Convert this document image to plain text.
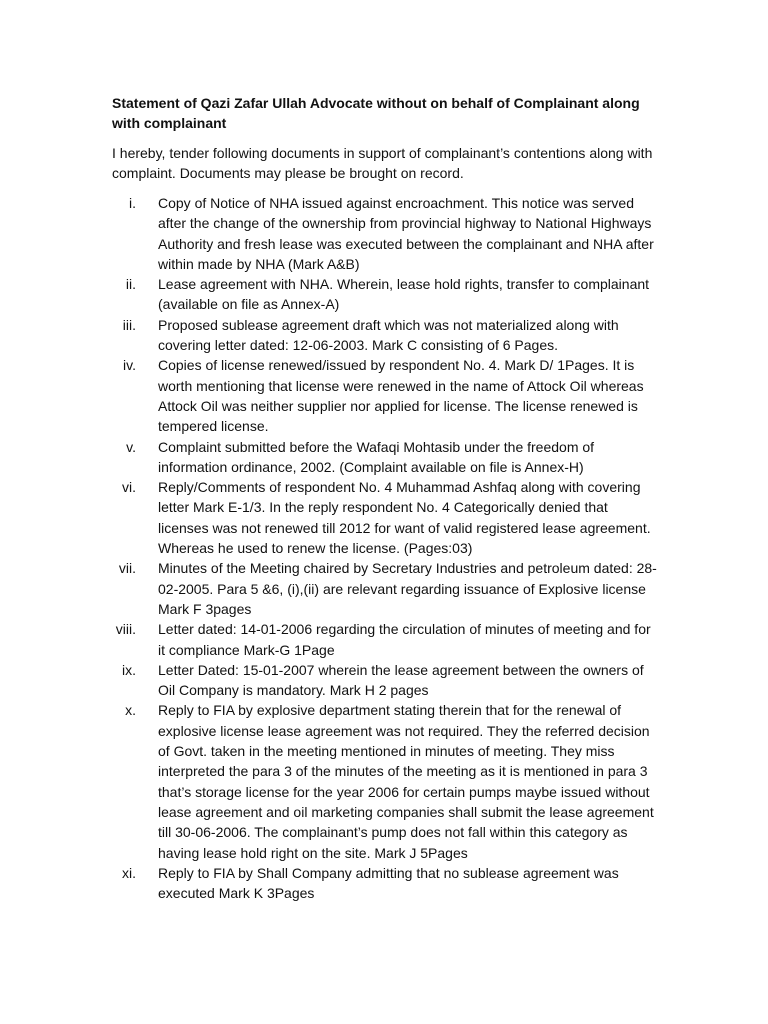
Statement of Qazi Zafar Ullah Advocate without on behalf of Complainant along with complainant
I hereby, tender following documents in support of complainant’s contentions along with complaint. Documents may please be brought on record.
i. Copy of Notice of NHA issued against encroachment. This notice was served after the change of the ownership from provincial highway to National Highways Authority and fresh lease was executed between the complainant and NHA after within made by NHA (Mark A&B)
ii. Lease agreement with NHA. Wherein, lease hold rights, transfer to complainant (available on file as Annex-A)
iii. Proposed sublease agreement draft which was not materialized along with covering letter dated: 12-06-2003. Mark C consisting of 6 Pages.
iv. Copies of license renewed/issued by respondent No. 4. Mark D/ 1Pages. It is worth mentioning that license were renewed in the name of Attock Oil whereas Attock Oil was neither supplier nor applied for license. The license renewed is tempered license.
v. Complaint submitted before the Wafaqi Mohtasib under the freedom of information ordinance, 2002. (Complaint available on file is Annex-H)
vi. Reply/Comments of respondent No. 4 Muhammad Ashfaq along with covering letter Mark E-1/3. In the reply respondent No. 4 Categorically denied that licenses was not renewed till 2012 for want of valid registered lease agreement. Whereas he used to renew the license. (Pages:03)
vii. Minutes of the Meeting chaired by Secretary Industries and petroleum dated: 28-02-2005. Para 5 &6, (i),(ii) are relevant regarding issuance of Explosive license Mark F 3pages
viii. Letter dated: 14-01-2006 regarding the circulation of minutes of meeting and for it compliance Mark-G 1Page
ix. Letter Dated: 15-01-2007 wherein the lease agreement between the owners of Oil Company is mandatory. Mark H 2 pages
x. Reply to FIA by explosive department stating therein that for the renewal of explosive license lease agreement was not required. They the referred decision of Govt. taken in the meeting mentioned in minutes of meeting. They miss interpreted the para 3 of the minutes of the meeting as it is mentioned in para 3 that’s storage license for the year 2006 for certain pumps maybe issued without lease agreement and oil marketing companies shall submit the lease agreement till 30-06-2006. The complainant’s pump does not fall within this category as having lease hold right on the site. Mark J 5Pages
xi. Reply to FIA by Shall Company admitting that no sublease agreement was executed Mark K 3Pages
